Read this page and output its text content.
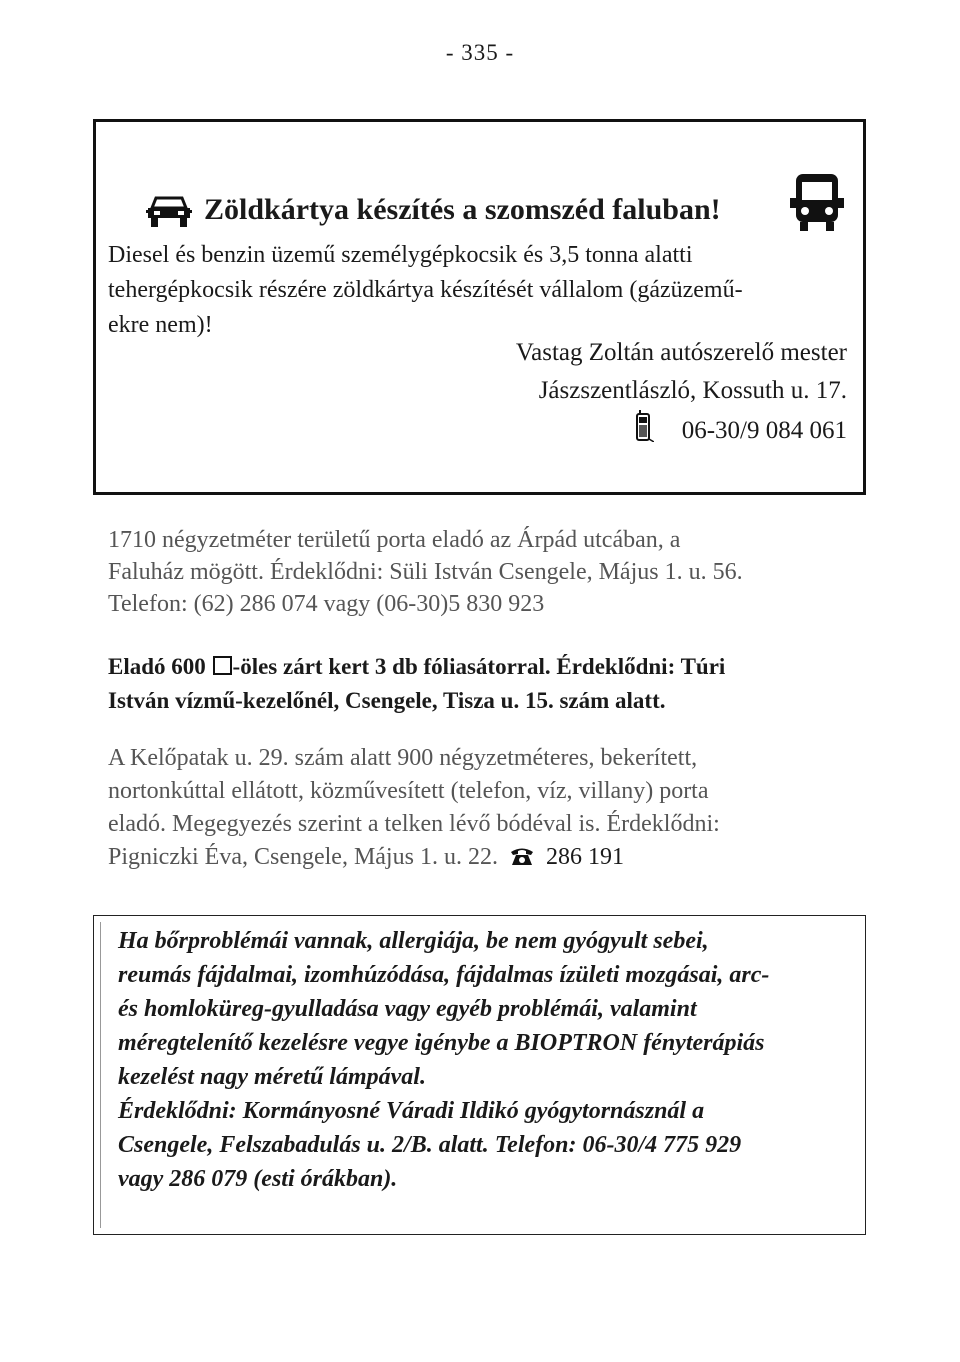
- 335 -
Zöldkártya készítés a szomszéd faluban!
Diesel és benzin üzemű személygépkocsik és 3,5 tonna alatti
tehergépkocsik részére zöldkártya készítését vállalom (gázüzemű-
ekre nem)!
Vastag Zoltán autószerelő mester
Jászszentlászló, Kossuth u. 17.
06-30/9 084 061
1710 négyzetméter területű porta eladó az Árpád utcában, a
Faluház mögött. Érdeklődni: Süli István Csengele, Május 1. u. 56.
Telefon: (62) 286 074 vagy (06-30)5 830 923
Eladó 600 -öles zárt kert 3 db fóliasátorral. Érdeklődni: Túri
István vízmű-kezelőnél, Csengele, Tisza u. 15. szám alatt.
A Kelőpatak u. 29. szám alatt 900 négyzetméteres, bekerített,
nortonkúttal ellátott, közművesített (telefon, víz, villany) porta
eladó. Megegyezés szerint a telken lévő bódéval is. Érdeklődni:
Pigniczki Éva, Csengele, Május 1. u. 22. 286 191
Ha bőrproblémái vannak, allergiája, be nem gyógyult sebei,
reumás fájdalmai, izomhúzódása, fájdalmas ízületi mozgásai, arc-
és homloküreg-gyulladása vagy egyéb problémái, valamint
méregtelenítő kezelésre vegye igénybe a BIOPTRON fényterápiás
kezelést nagy méretű lámpával.
Érdeklődni: Kormányosné Váradi Ildikó gyógytornásznál a
Csengele, Felszabadulás u. 2/B. alatt. Telefon: 06-30/4 775 929
vagy 286 079 (esti órákban).
